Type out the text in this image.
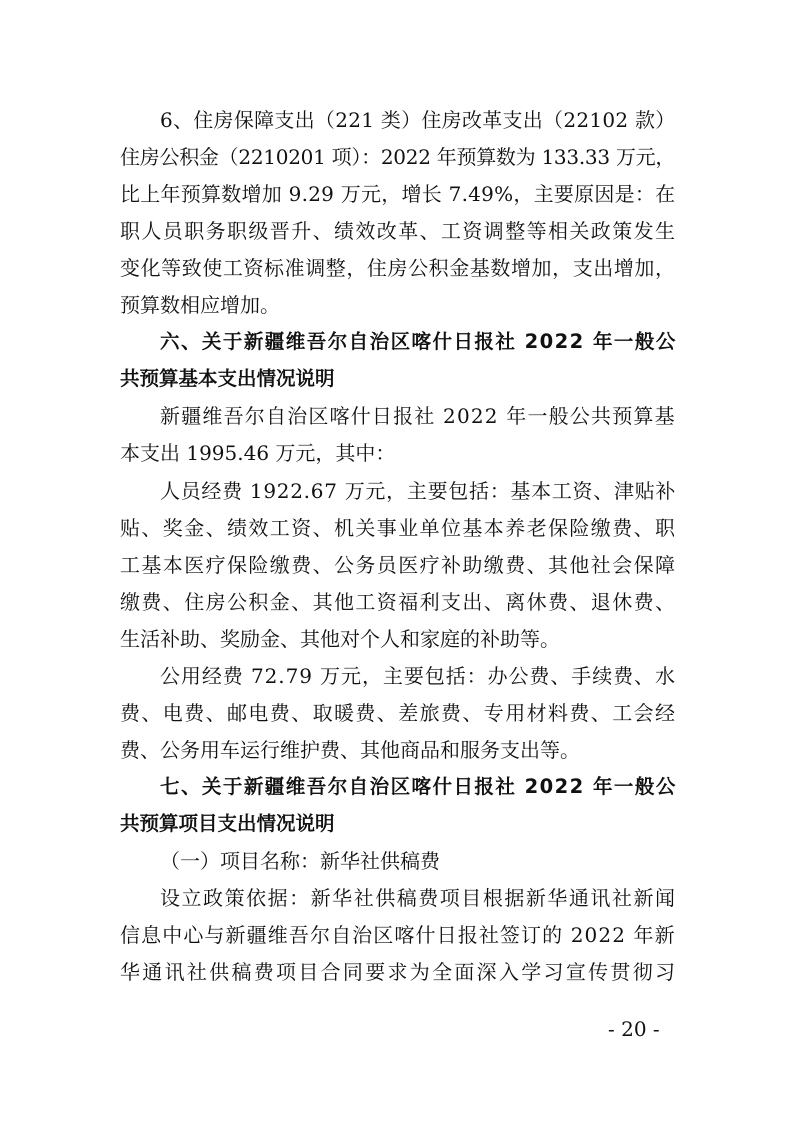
6、住房保障支出（221 类）住房改革支出（22102 款）
住房公积金（2210201 项）：2022 年预算数为 133.33 万元，
比上年预算数增加 9.29 万元，增长 7.49%，主要原因是：在
职人员职务职级晋升、绩效改革、工资调整等相关政策发生
变化等致使工资标准调整，住房公积金基数增加，支出增加，
预算数相应增加。
六、关于新疆维吾尔自治区喀什日报社 2022 年一般公
共预算基本支出情况说明
新疆维吾尔自治区喀什日报社 2022 年一般公共预算基
本支出 1995.46 万元，其中：
人员经费 1922.67 万元，主要包括：基本工资、津贴补
贴、奖金、绩效工资、机关事业单位基本养老保险缴费、职
工基本医疗保险缴费、公务员医疗补助缴费、其他社会保障
缴费、住房公积金、其他工资福利支出、离休费、退休费、
生活补助、奖励金、其他对个人和家庭的补助等。
公用经费 72.79 万元，主要包括：办公费、手续费、水
费、电费、邮电费、取暖费、差旅费、专用材料费、工会经
费、公务用车运行维护费、其他商品和服务支出等。
七、关于新疆维吾尔自治区喀什日报社 2022 年一般公
共预算项目支出情况说明
（一）项目名称：新华社供稿费
设立政策依据：新华社供稿费项目根据新华通讯社新闻
信息中心与新疆维吾尔自治区喀什日报社签订的 2022 年新
华通讯社供稿费项目合同要求为全面深入学习宣传贯彻习
- 20 -
